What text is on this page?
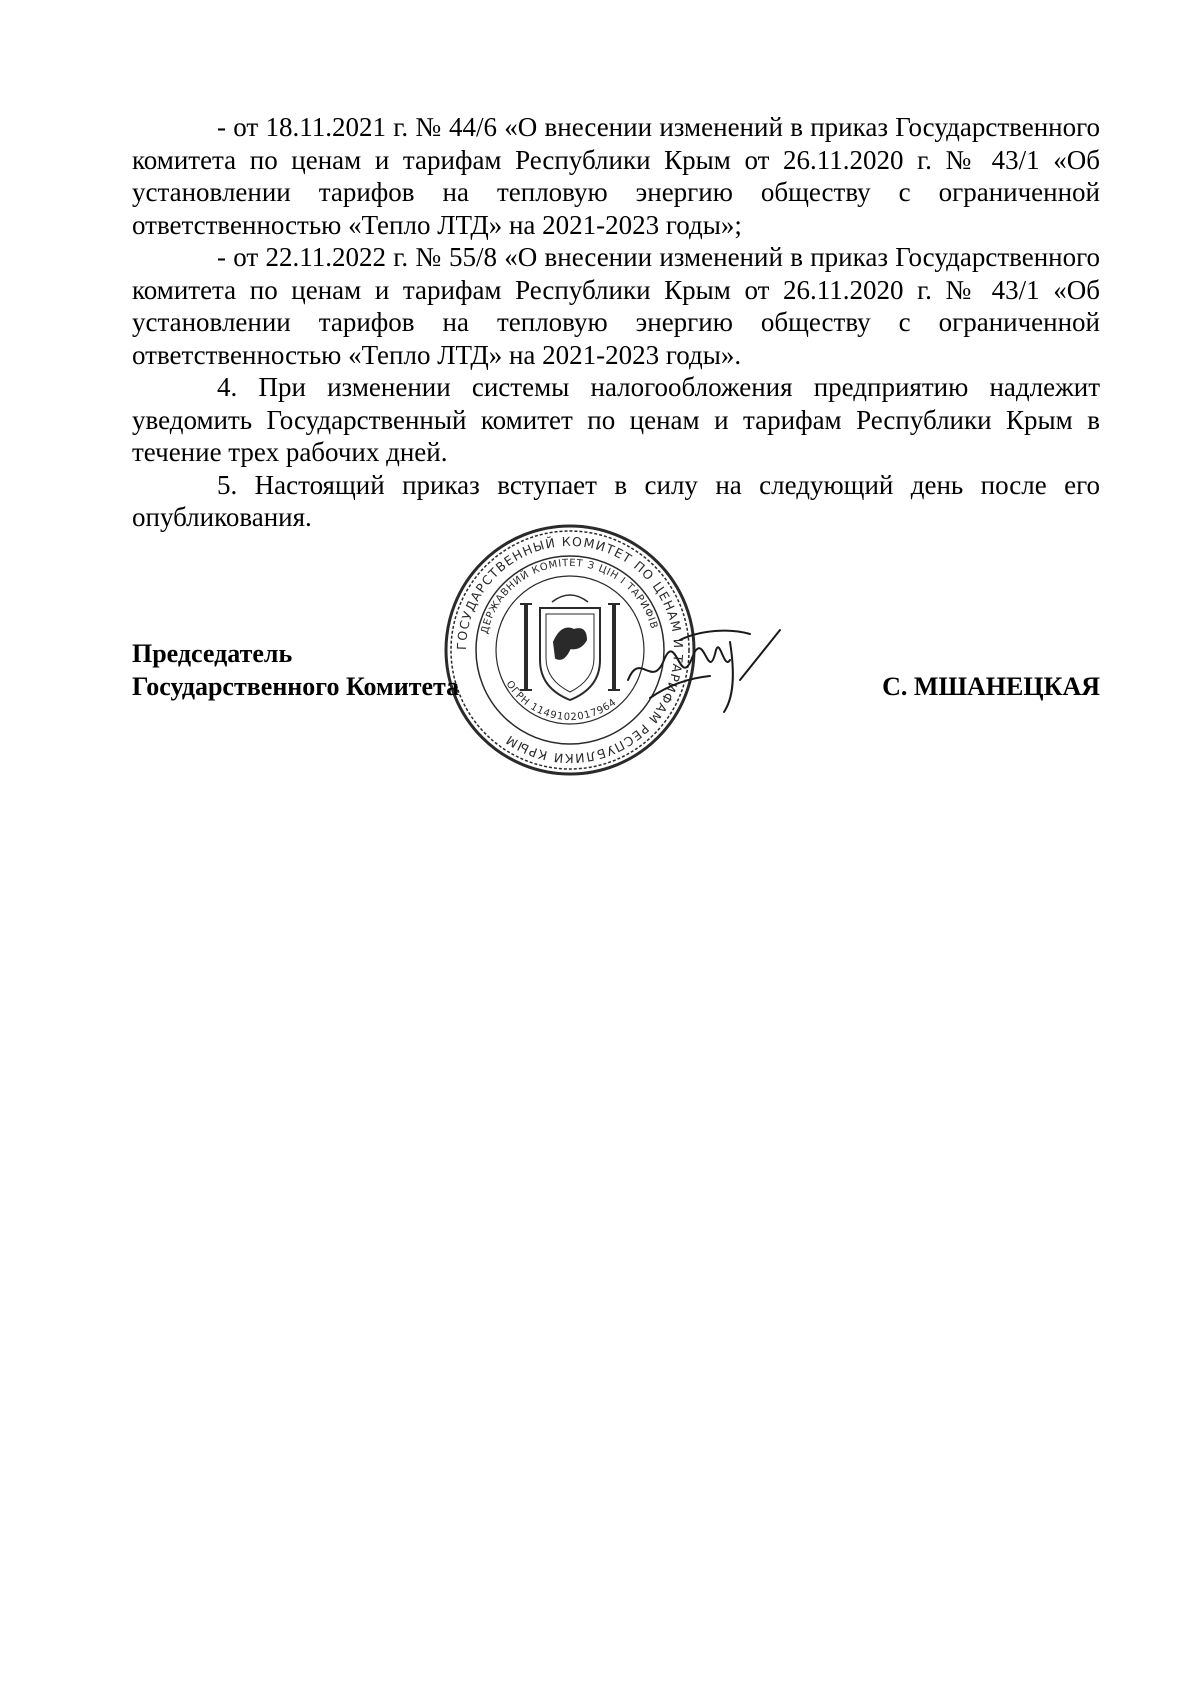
- от 18.11.2021 г. № 44/6 «О внесении изменений в приказ Государственного комитета по ценам и тарифам Республики Крым от 26.11.2020 г. № 43/1 «Об установлении тарифов на тепловую энергию обществу с ограниченной ответственностью «Тепло ЛТД» на 2021-2023 годы»;

- от 22.11.2022 г. № 55/8 «О внесении изменений в приказ Государственного комитета по ценам и тарифам Республики Крым от 26.11.2020 г. № 43/1 «Об установлении тарифов на тепловую энергию обществу с ограниченной ответственностью «Тепло ЛТД» на 2021-2023 годы».

4. При изменении системы налогообложения предприятию надлежит уведомить Государственный комитет по ценам и тарифам Республики Крым в течение трех рабочих дней.

5. Настоящий приказ вступает в силу на следующий день после его опубликования.

ГОСУДАРСТВЕННЫЙ КОМИТЕТ ПО ЦЕНАМ И ТАРИФАМ РЕСПУБЛИКИ КРЫМ
ДЕРЖАВНИЙ КОМІТЕТ З ЦІН І ТАРИФІВ
ОГРН 1149102017964
Председатель
Государственного Комитета	С. МШАНЕЦКАЯ
